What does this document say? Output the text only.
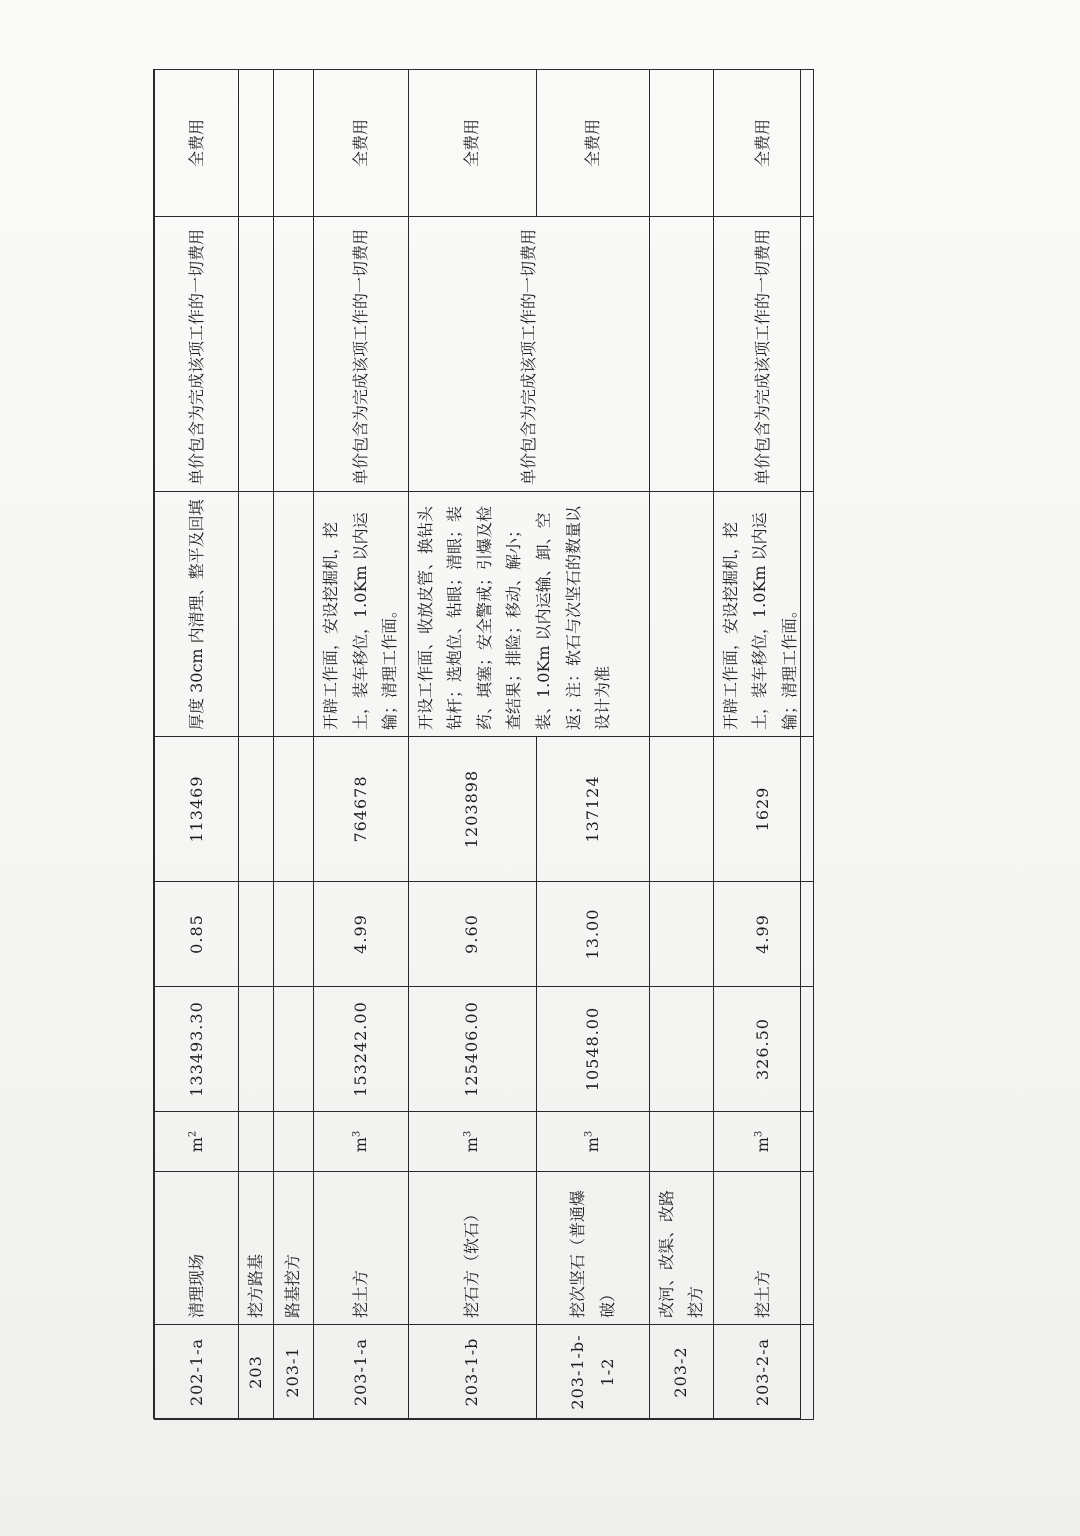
202-1-a	清理现场	$m^2$	133493.30	0.85	113469	厚度 30cm 内清理、整平及回填	单价包含为完成该项工作的一切费用	全费用
203	挖方路基							
203-1	路基挖方							
203-1-a	挖土方	$m^3$	153242.00	4.99	764678	开辟工作面，安设挖掘机，挖土，装车移位，1.0Km 以内运输；清理工作面。	单价包含为完成该项工作的一切费用	全费用
203-1-b	挖石方（软石）	$m^3$	125406.00	9.60	1203898	开设工作面、收放皮管、换钻头钻杆；选炮位、钻眼；清眼；装药、填塞；安全警戒；引爆及检查结果；排险；移动、解小；装、1.0Km 以内运输、卸、空返；注：软石与次坚石的数量以设计为准	单价包含为完成该项工作的一切费用	全费用
203-1-b-1-2	挖次坚石（普通爆破）	$m^3$	10548.00	13.00	137124			全费用
203-2	改河、改渠、改路挖方							
203-2-a	挖土方	$m^3$	326.50	4.99	1629	开辟工作面，安设挖掘机，挖土，装车移位，1.0Km 以内运输；清理工作面。	单价包含为完成该项工作的一切费用	全费用
